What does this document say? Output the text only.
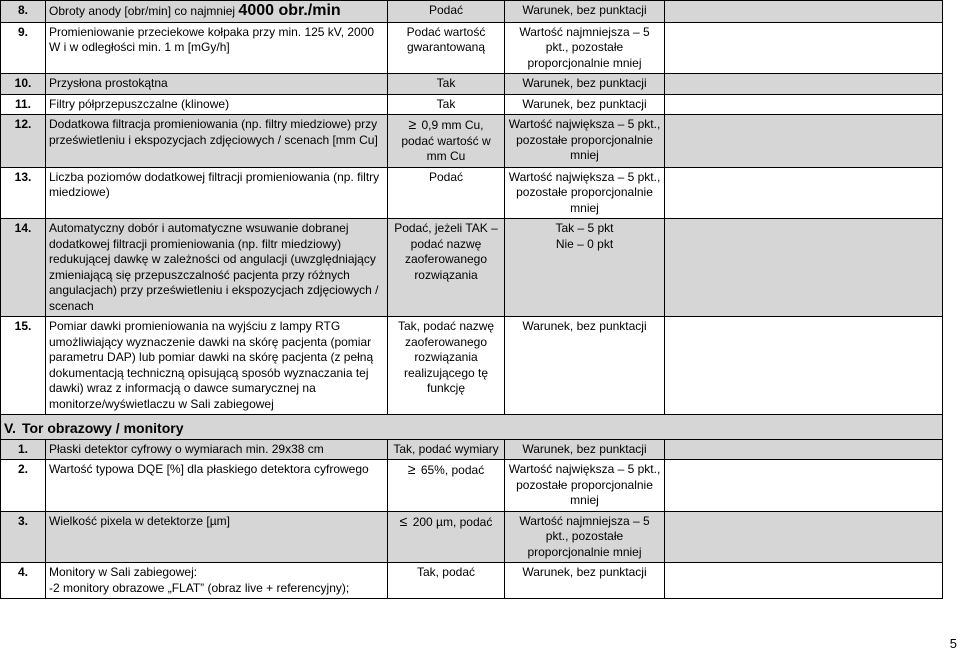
8.	Obroty anody [obr/min] co najmniej 4000 obr./min	Podać	Warunek, bez punktacji	
9.	Promieniowanie przeciekowe kołpaka przy min. 125 kV, 2000 W i w odległości min. 1 m [mGy/h]	Podać wartość gwarantowaną	Wartość najmniejsza – 5 pkt., pozostałe proporcjonalnie mniej	
10.	Przysłona prostokątna	Tak	Warunek, bez punktacji	
11.	Filtry półprzepuszczalne (klinowe)	Tak	Warunek, bez punktacji	
12.	Dodatkowa filtracja promieniowania (np. filtry miedziowe) przy prześwietleniu i ekspozycjach zdjęciowych / scenach [mm Cu]	≥ 0,9 mm Cu, podać wartość w mm Cu	Wartość największa – 5 pkt., pozostałe proporcjonalnie mniej	
13.	Liczba poziomów dodatkowej filtracji promieniowania (np. filtry miedziowe)	Podać	Wartość największa – 5 pkt., pozostałe proporcjonalnie mniej	
14.	Automatyczny dobór i automatyczne wsuwanie dobranej dodatkowej filtracji promieniowania (np. filtr miedziowy) redukującej dawkę w zależności od angulacji (uwzględniający zmieniającą się przepuszczalność pacjenta przy różnych angulacjach) przy prześwietleniu i ekspozycjach zdjęciowych / scenach	Podać, jeżeli TAK – podać nazwę zaoferowanego rozwiązania	Tak – 5 pkt
Nie – 0 pkt	

15.	Pomiar dawki promieniowania na wyjściu z lampy RTG umożliwiający wyznaczenie dawki na skórę pacjenta (pomiar parametru DAP) lub pomiar dawki na skórę pacjenta (z pełną dokumentacją techniczną opisującą sposób wyznaczania tej dawki) wraz z informacją o dawce sumarycznej na monitorze/wyświetlaczu w Sali zabiegowej	Tak, podać nazwę zaoferowanego rozwiązania realizującego tę funkcję	Warunek, bez punktacji	
V. Tor obrazowy / monitory				
1.	Płaski detektor cyfrowy o wymiarach min. 29x38 cm	Tak, podać wymiary	Warunek, bez punktacji	
2.	Wartość typowa DQE [%] dla płaskiego detektora cyfrowego	≥ 65%, podać	Wartość największa – 5 pkt., pozostałe proporcjonalnie mniej	
3.	Wielkość pixela w detektorze [µm]	≤ 200 µm, podać	Wartość najmniejsza – 5 pkt., pozostałe proporcjonalnie mniej	
4.	Monitory w Sali zabiegowej:
-2 monitory obrazowe „FLAT” (obraz live + referencyjny);	Tak, podać	Warunek, bez punktacji	
5
